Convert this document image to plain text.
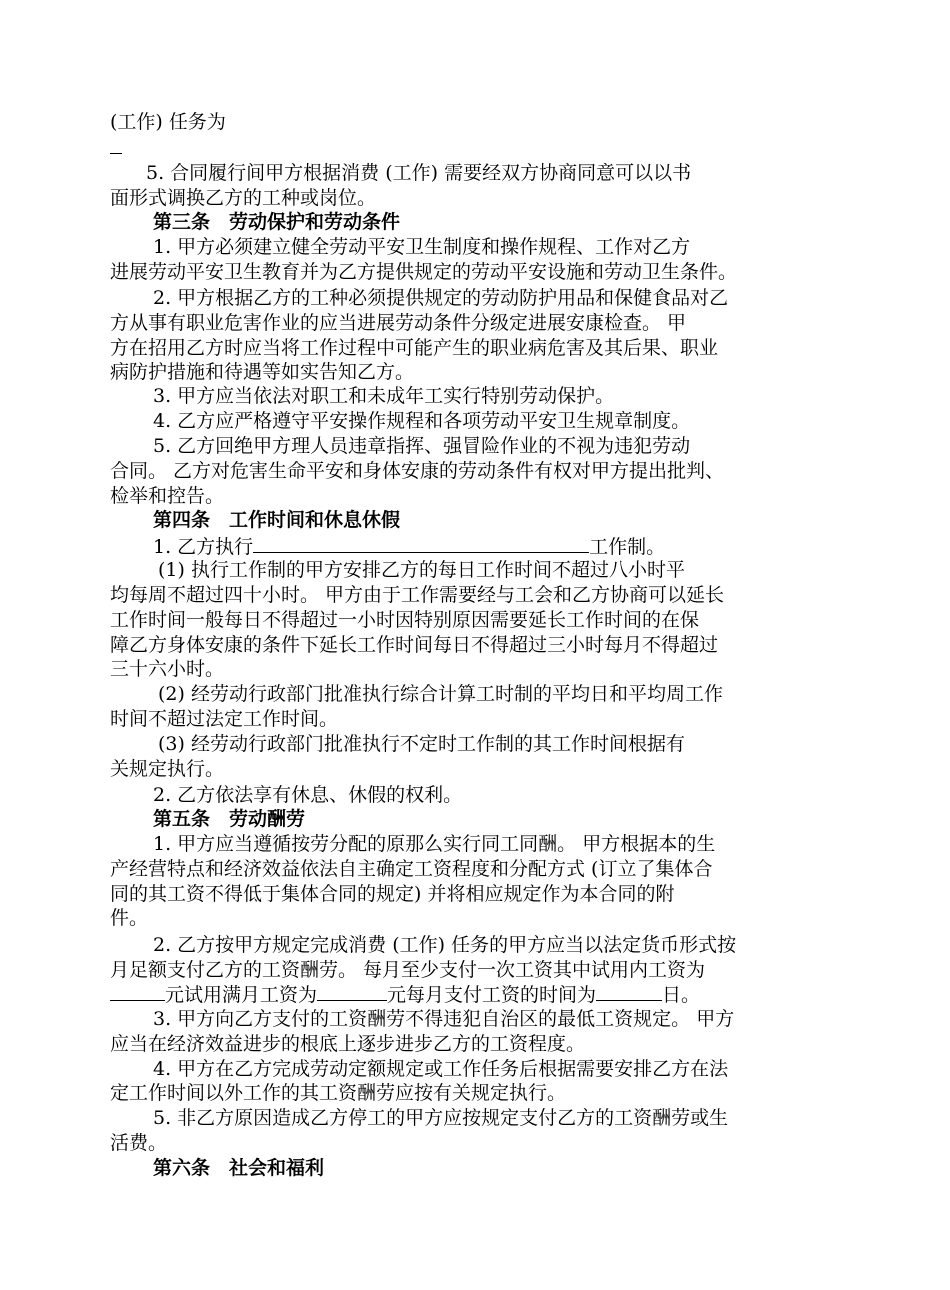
(工作) 任务为
5. 合同履行间甲方根据消费 (工作) 需要经双方协商同意可以以书
面形式调换乙方的工种或岗位。
第三条　劳动保护和劳动条件
1. 甲方必须建立健全劳动平安卫生制度和操作规程、工作对乙方
进展劳动平安卫生教育并为乙方提供规定的劳动平安设施和劳动卫生条件。
2. 甲方根据乙方的工种必须提供规定的劳动防护用品和保健食品对乙
方从事有职业危害作业的应当进展劳动条件分级定进展安康检查。 甲
方在招用乙方时应当将工作过程中可能产生的职业病危害及其后果、职业
病防护措施和待遇等如实告知乙方。
3. 甲方应当依法对职工和未成年工实行特别劳动保护。
4. 乙方应严格遵守平安操作规程和各项劳动平安卫生规章制度。
5. 乙方回绝甲方理人员违章指挥、强冒险作业的不视为违犯劳动
合同。 乙方对危害生命平安和身体安康的劳动条件有权对甲方提出批判、
检举和控告。
第四条　工作时间和休息休假
1. 乙方执行	工作制。
(1) 执行工作制的甲方安排乙方的每日工作时间不超过八小时平
均每周不超过四十小时。 甲方由于工作需要经与工会和乙方协商可以延长
工作时间一般每日不得超过一小时因特别原因需要延长工作时间的在保
障乙方身体安康的条件下延长工作时间每日不得超过三小时每月不得超过
三十六小时。
(2) 经劳动行政部门批准执行综合计算工时制的平均日和平均周工作
时间不超过法定工作时间。
(3) 经劳动行政部门批准执行不定时工作制的其工作时间根据有
关规定执行。
2. 乙方依法享有休息、休假的权利。
第五条　劳动酬劳
1. 甲方应当遵循按劳分配的原那么实行同工同酬。 甲方根据本的生
产经营特点和经济效益依法自主确定工资程度和分配方式 (订立了集体合
同的其工资不得低于集体合同的规定) 并将相应规定作为本合同的附
件。
2. 乙方按甲方规定完成消费 (工作) 任务的甲方应当以法定货币形式按
月足额支付乙方的工资酬劳。 每月至少支付一次工资其中试用内工资为
元试用满月工资为	元每月支付工资的时间为	日。
3. 甲方向乙方支付的工资酬劳不得违犯自治区的最低工资规定。 甲方
应当在经济效益进步的根底上逐步进步乙方的工资程度。
4. 甲方在乙方完成劳动定额规定或工作任务后根据需要安排乙方在法
定工作时间以外工作的其工资酬劳应按有关规定执行。
5. 非乙方原因造成乙方停工的甲方应按规定支付乙方的工资酬劳或生
活费。
第六条　社会和福利
